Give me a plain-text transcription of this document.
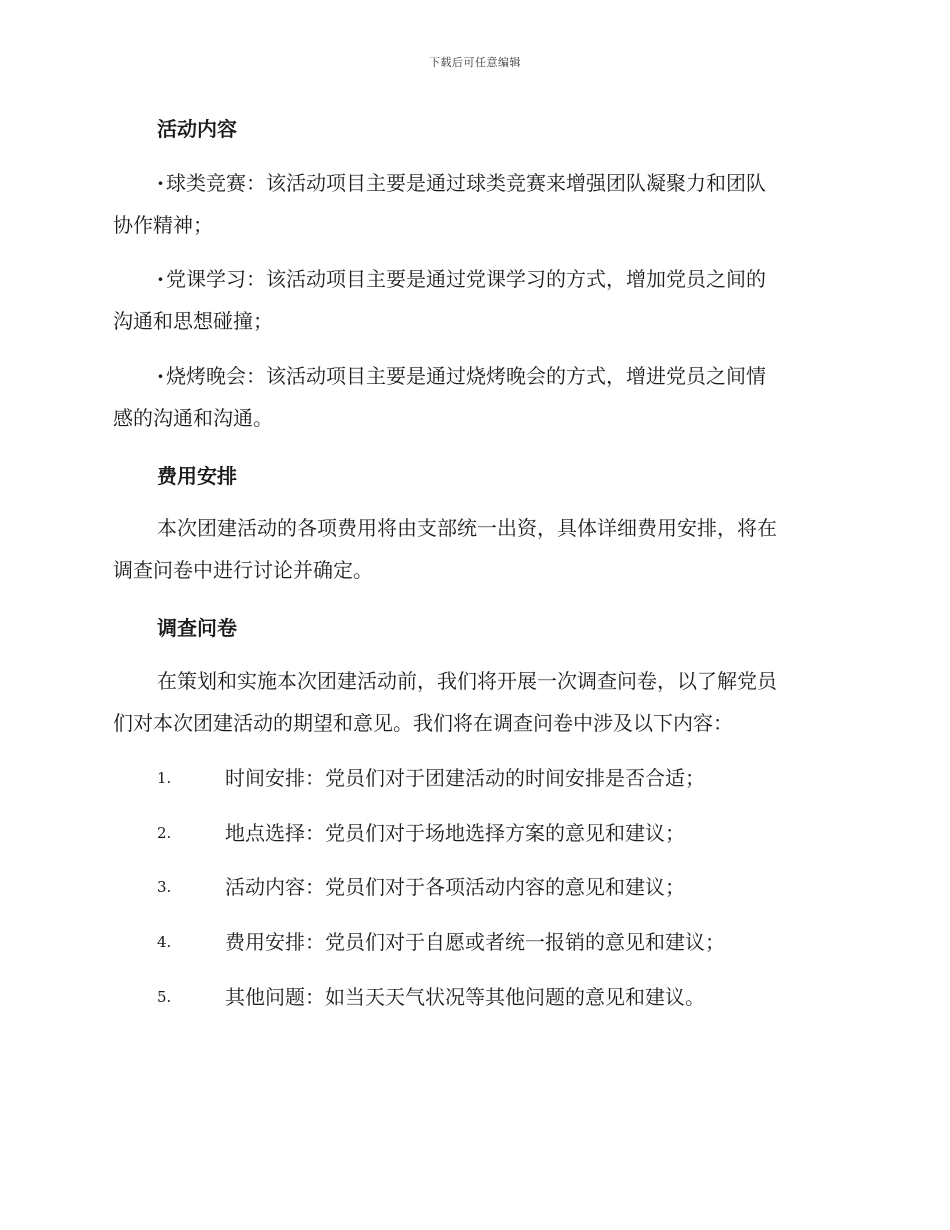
下载后可任意编辑
活动内容
· 球类竞赛：该活动项目主要是通过球类竞赛来增强团队凝聚力和团队
协作精神；
· 党课学习：该活动项目主要是通过党课学习的方式，增加党员之间的
沟通和思想碰撞；
· 烧烤晚会：该活动项目主要是通过烧烤晚会的方式，增进党员之间情
感的沟通和沟通。
费用安排
本次团建活动的各项费用将由支部统一出资，具体详细费用安排，将在
调查问卷中进行讨论并确定。
调查问卷
在策划和实施本次团建活动前，我们将开展一次调查问卷，以了解党员
们对本次团建活动的期望和意见。我们将在调查问卷中涉及以下内容：
1.	时间安排：党员们对于团建活动的时间安排是否合适；
2.	地点选择：党员们对于场地选择方案的意见和建议；
3.	活动内容：党员们对于各项活动内容的意见和建议；
4.	费用安排：党员们对于自愿或者统一报销的意见和建议；
5.	其他问题：如当天天气状况等其他问题的意见和建议。
